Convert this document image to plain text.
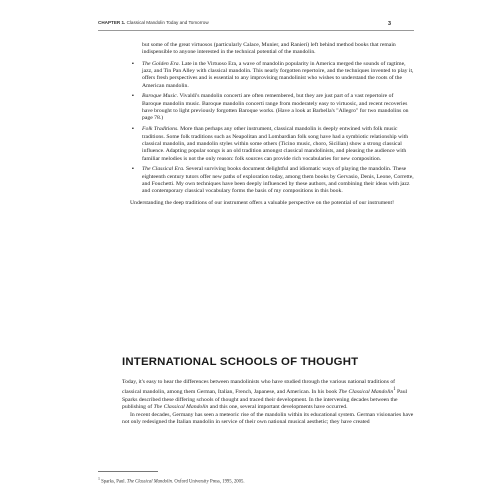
CHAPTER 1. Classical Mandolin Today and Tomorrow	3

but some of the great virtuosos (particularly Calace, Munier, and Ranieri) left behind method books that remain indispensible to anyone interested in the technical potential of the mandolin.

▪ The Golden Era. Late in the Virtuoso Era, a wave of mandolin popularity in America merged the sounds of ragtime, jazz, and Tin Pan Alley with classical mandolin. This nearly forgotten repertoire, and the techniques invented to play it, offers fresh perspectives and is essential to any improvising mandolinist who wishes to understand the roots of the American mandolin.
▪ Baroque Music. Vivaldi's mandolin concerti are often remembered, but they are just part of a vast repertoire of Baroque mandolin music. Baroque mandolin concerti range from moderately easy to virtuosic, and recent recoveries have brought to light previously forgotten Baroque works. (Have a look at Barbella's "Allegro" for two mandolins on page 78.)
▪ Folk Traditions. More than perhaps any other instrument, classical mandolin is deeply entwined with folk music traditions. Some folk traditions such as Neapolitan and Lombardian folk song have had a symbiotic relationship with classical mandolin, and mandolin styles within some others (Ticino music, choro, Sicilian) show a strong classical influence. Adapting popular songs is an old tradition amongst classical mandolinists, and pleasing the audience with familiar melodies is not the only reason: folk sources can provide rich vocabularies for new composition.
▪ The Classical Era. Several surviving books document delightful and idiomatic ways of playing the mandolin. These eighteenth century tutors offer new paths of exploration today, among them books by Gervasio, Denis, Leone, Corrette, and Fouchetti. My own techniques have been deeply influenced by these authors, and combining their ideas with jazz and contemporary classical vocabulary forms the basis of my compositions in this book.

Understanding the deep traditions of our instrument offers a valuable perspective on the potential of our instrument!

INTERNATIONAL SCHOOLS OF THOUGHT

Today, it's easy to hear the differences between mandolinists who have studied through the various national traditions of classical mandolin, among them German, Italian, French, Japanese, and American. In his book The Classical Mandolin$^1$ Paul Sparks described these differing schools of thought and traced their development. In the intervening decades between the publishing of The Classical Mandolin and this one, several important developments have occurred.

In recent decades, Germany has seen a meteoric rise of the mandolin within its educational system. German visionaries have not only redesigned the Italian mandolin in service of their own national musical aesthetic; they have created

$^1$ Sparks, Paul. The Classical Mandolin. Oxford University Press, 1995, 2005.
